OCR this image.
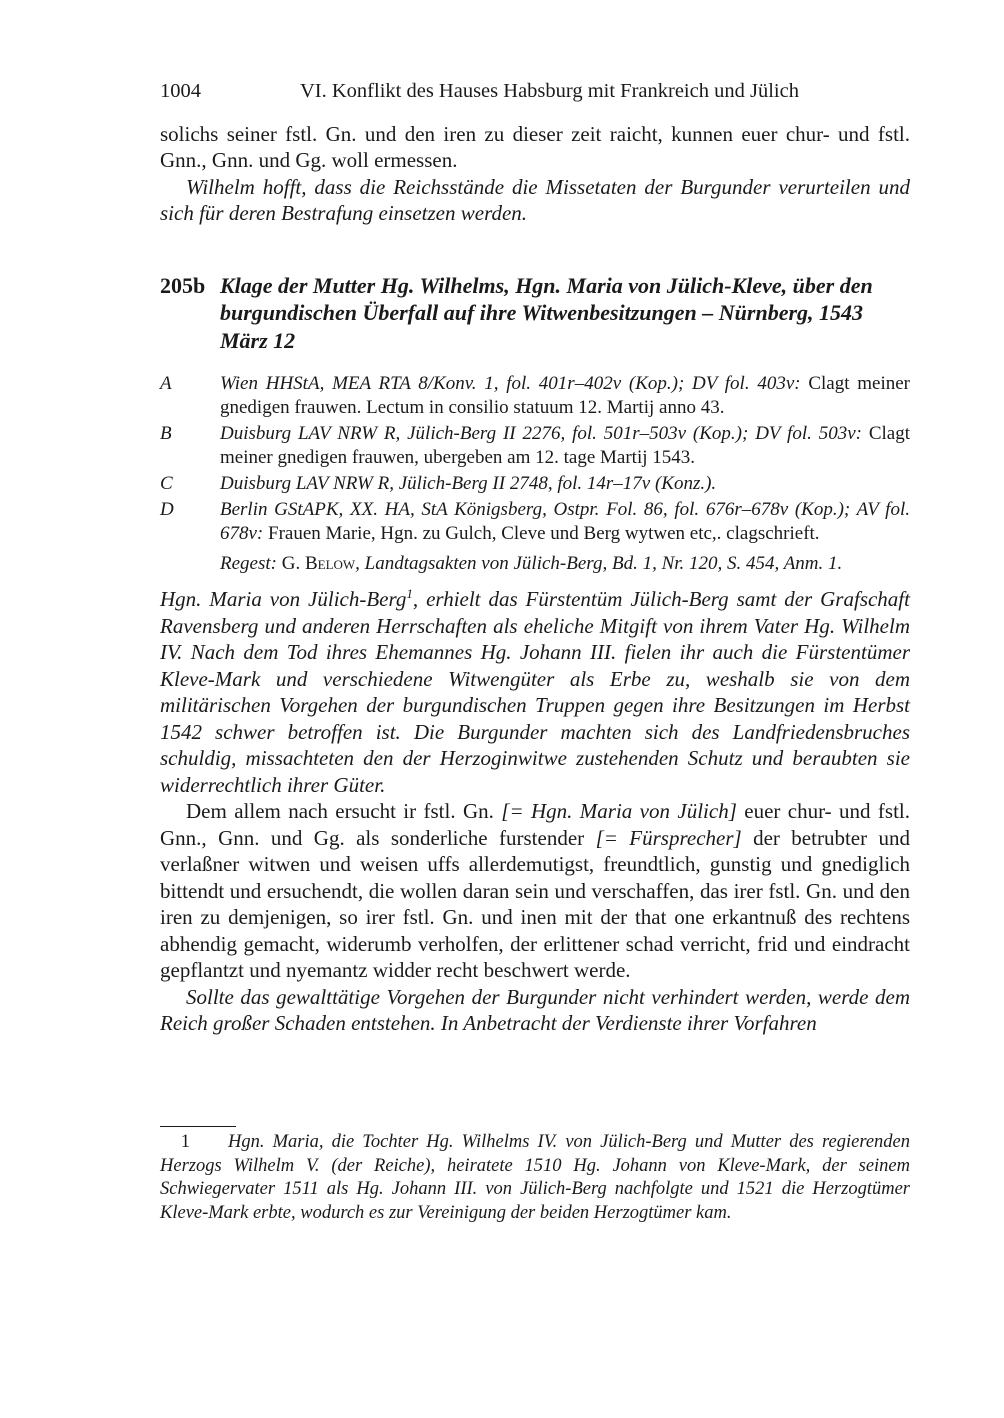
1004	VI. Konflikt des Hauses Habsburg mit Frankreich und Jülich

solichs seiner fstl. Gn. und den iren zu dieser zeit raicht, kunnen euer chur- und fstl. Gnn., Gnn. und Gg. woll ermessen.

Wilhelm hofft, dass die Reichsstände die Missetaten der Burgunder verurteilen und sich für deren Bestrafung einsetzen werden.

205b Klage der Mutter Hg. Wilhelms, Hgn. Maria von Jülich-Kleve, über den burgundischen Überfall auf ihre Witwenbesitzungen – Nürnberg, 1543 März 12
A	Wien HHStA, MEA RTA 8/Konv. 1, fol. 401r–402v (Kop.); DV fol. 403v: Clagt meiner gnedigen frauwen. Lectum in consilio statuum 12. Martij anno 43.
B	Duisburg LAV NRW R, Jülich-Berg II 2276, fol. 501r–503v (Kop.); DV fol. 503v: Clagt meiner gnedigen frauwen, ubergeben am 12. tage Martij 1543.
C	Duisburg LAV NRW R, Jülich-Berg II 2748, fol. 14r–17v (Konz.).
D	Berlin GStAPK, XX. HA, StA Königsberg, Ostpr. Fol. 86, fol. 676r–678v (Kop.); AV fol. 678v: Frauen Marie, Hgn. zu Gulch, Cleve und Berg wytwen etc,. clagschrieft.
Regest: G. Below, Landtagsakten von Jülich-Berg, Bd. 1, Nr. 120, S. 454, Anm. 1.

Hgn. Maria von Jülich-Berg$^1$, erhielt das Fürstentüm Jülich-Berg samt der Grafschaft Ravensberg und anderen Herrschaften als eheliche Mitgift von ihrem Vater Hg. Wilhelm IV. Nach dem Tod ihres Ehemannes Hg. Johann III. fielen ihr auch die Fürstentümer Kleve-Mark und verschiedene Witwengüter als Erbe zu, weshalb sie von dem militärischen Vorgehen der burgundischen Truppen gegen ihre Besitzungen im Herbst 1542 schwer betroffen ist. Die Burgunder machten sich des Landfriedensbruches schuldig, missachteten den der Herzoginwitwe zustehenden Schutz und beraubten sie widerrechtlich ihrer Güter.

Dem allem nach ersucht ir fstl. Gn. [= Hgn. Maria von Jülich] euer chur- und fstl. Gnn., Gnn. und Gg. als sonderliche furstender [= Fürsprecher] der betrubter und verlaßner witwen und weisen uffs allerdemutigst, freundtlich, gunstig und gnediglich bittendt und ersuchendt, die wollen daran sein und verschaffen, das irer fstl. Gn. und den iren zu demjenigen, so irer fstl. Gn. und inen mit der that one erkantnuß des rechtens abhendig gemacht, widerumb verholfen, der erlittener schad verricht, frid und eindracht gepflantzt und nyemantz widder recht beschwert werde.

Sollte das gewalttätige Vorgehen der Burgunder nicht verhindert werden, werde dem Reich großer Schaden entstehen. In Anbetracht der Verdienste ihrer Vorfahren

1 Hgn. Maria, die Tochter Hg. Wilhelms IV. von Jülich-Berg und Mutter des regierenden Herzogs Wilhelm V. (der Reiche), heiratete 1510 Hg. Johann von Kleve-Mark, der seinem Schwiegervater 1511 als Hg. Johann III. von Jülich-Berg nachfolgte und 1521 die Herzogtümer Kleve-Mark erbte, wodurch es zur Vereinigung der beiden Herzogtümer kam.
